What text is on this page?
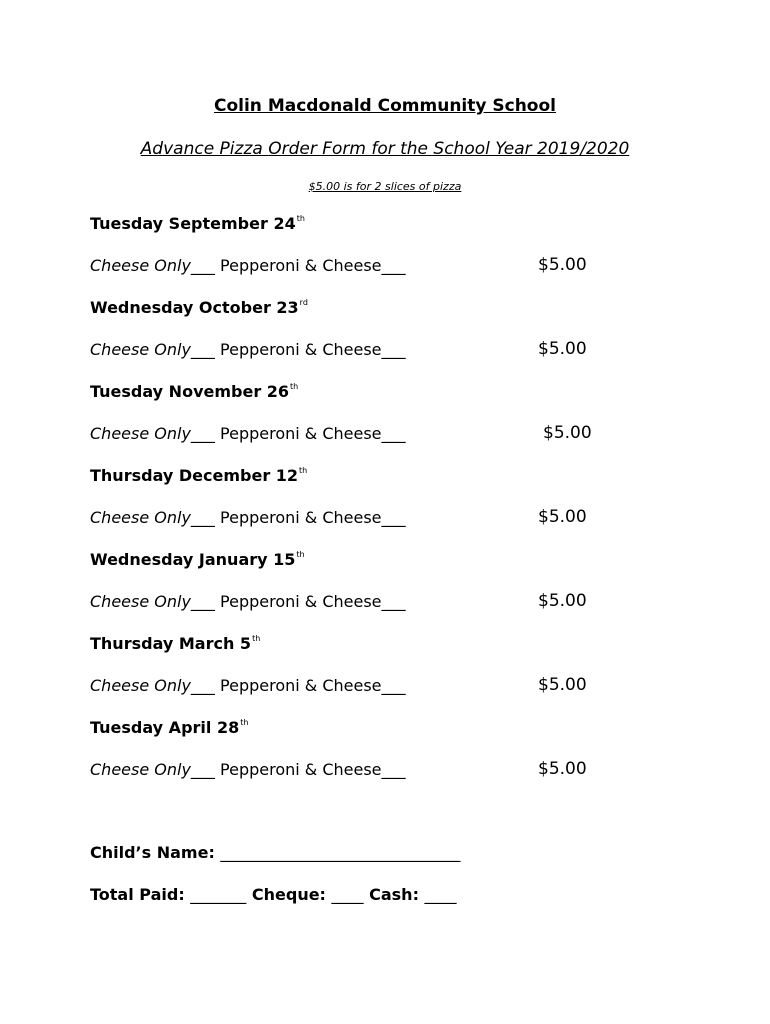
Colin Macdonald Community School
Advance Pizza Order Form for the School Year 2019/2020
$5.00 is for 2 slices of pizza
Tuesday September 24th
Cheese Only___ Pepperoni & Cheese___	$5.00
Wednesday October 23rd
Cheese Only___ Pepperoni & Cheese___	$5.00
Tuesday November 26th
Cheese Only___ Pepperoni & Cheese___	$5.00
Thursday December 12th
Cheese Only___ Pepperoni & Cheese___	$5.00
Wednesday January 15th
Cheese Only___ Pepperoni & Cheese___	$5.00
Thursday March 5th
Cheese Only___ Pepperoni & Cheese___	$5.00
Tuesday April 28th
Cheese Only___ Pepperoni & Cheese___	$5.00
Child’s Name: ______________________________
Total Paid: _______ Cheque: ____ Cash: ____
